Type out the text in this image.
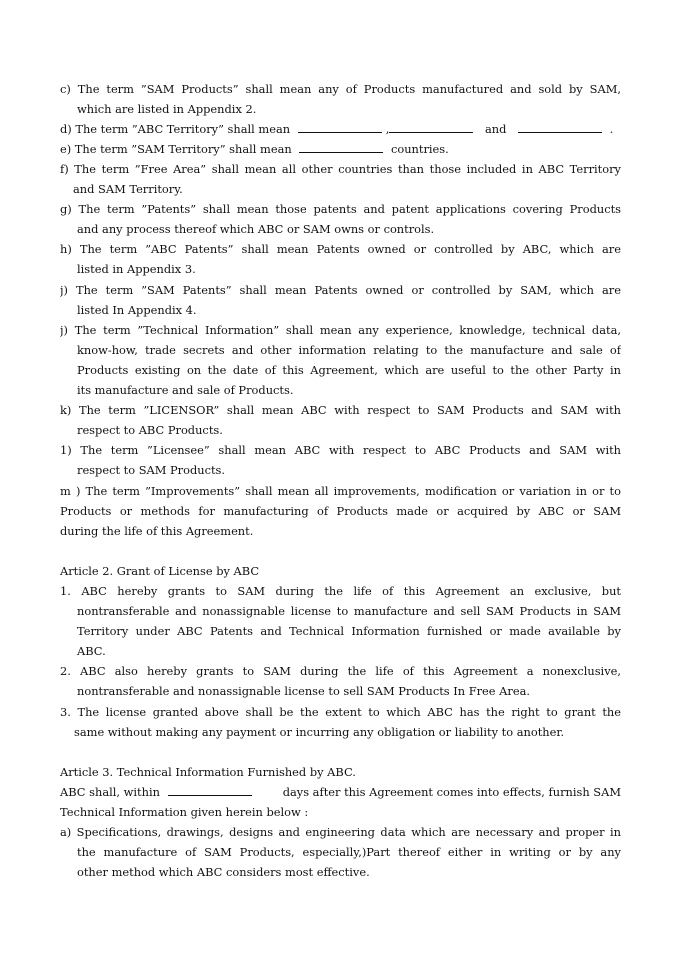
c) The term ”SAM Products” shall mean any of Products manufactured and sold by SAM,
which are listed in Appendix 2.
d) The term ”ABC Territory” shall mean	,	and	.
e) The term ”SAM Territory” shall mean	countries.
f) The term ”Free Area” shall mean all other countries than those included in ABC Territory
and SAM Territory.
g) The term ”Patents” shall mean those patents and patent applications covering Products
and any process thereof which ABC or SAM owns or controls.
h) The term ”ABC Patents” shall mean Patents owned or controlled by ABC, which are
listed in Appendix 3.
j) The term ”SAM Patents” shall mean Patents owned or controlled by SAM, which are
listed In Appendix 4.
j) The term ”Technical Information” shall mean any experience, knowledge, technical data,
know-how, trade secrets and other information relating to the manufacture and sale of
Products existing on the date of this Agreement, which are useful to the other Party in
its manufacture and sale of Products.
k) The term ”LICENSOR” shall mean ABC with respect to SAM Products and SAM with
respect to ABC Products.
1) The term ”Licensee” shall mean ABC with respect to ABC Products and SAM with
respect to SAM Products.
m ) The term ”Improvements” shall mean all improvements, modification or variation in or to
Products or methods for manufacturing of Products made or acquired by ABC or SAM
during the life of this Agreement.
Article 2. Grant of License by ABC
1. ABC hereby grants to SAM during the life of this Agreement an exclusive, but
nontransferable and nonassignable license to manufacture and sell SAM Products in SAM
Territory under ABC Patents and Technical Information furnished or made available by
ABC.
2. ABC also hereby grants to SAM during the life of this Agreement a nonexclusive,
nontransferable and nonassignable license to sell SAM Products In Free Area.
3. The license granted above shall be the extent to which ABC has the right to grant the
same without making any payment or incurring any obligation or liability to another.
Article 3. Technical Information Furnished by ABC.
ABC shall, within	days after this Agreement comes into effects, furnish SAM
Technical Information given herein below :
a) Specifications, drawings, designs and engineering data which are necessary and proper in
the manufacture of SAM Products, especially,)Part thereof either in writing or by any
other method which ABC considers most effective.
